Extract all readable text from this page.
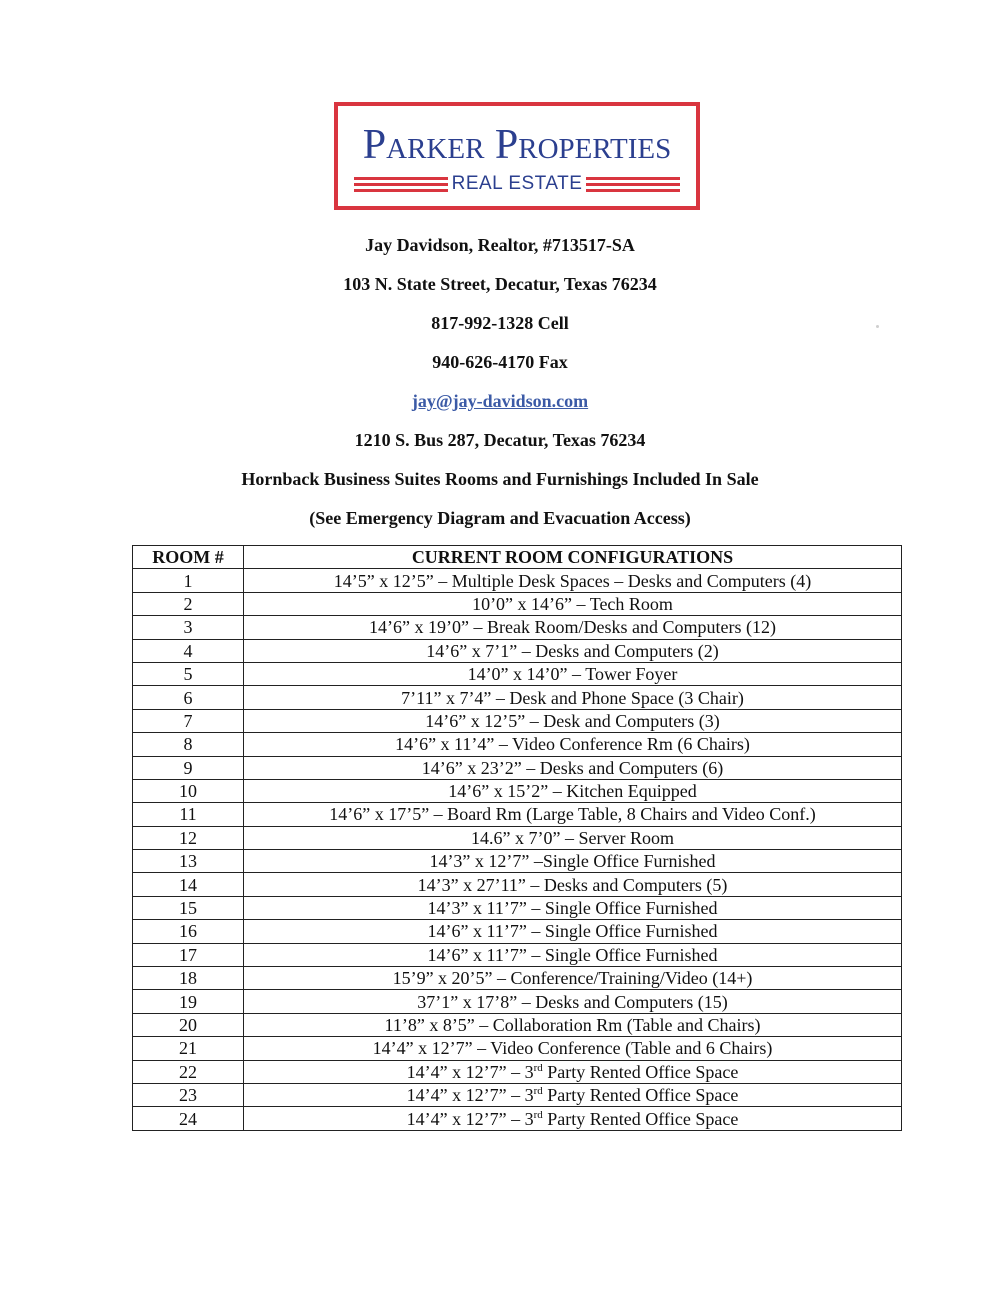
Parker Properties
REAL ESTATE
Jay Davidson, Realtor, #713517-SA
103 N. State Street, Decatur, Texas 76234
817-992-1328 Cell
940-626-4170 Fax
jay@jay-davidson.com
1210 S. Bus 287, Decatur, Texas 76234
Hornback Business Suites Rooms and Furnishings Included In Sale
(See Emergency Diagram and Evacuation Access)
ROOM #	CURRENT ROOM CONFIGURATIONS
1	14’5” x 12’5” – Multiple Desk Spaces – Desks and Computers (4)
2	10’0” x 14’6” – Tech Room
3	14’6” x 19’0” – Break Room/Desks and Computers (12)
4	14’6” x 7’1” – Desks and Computers (2)
5	14’0” x 14’0” – Tower Foyer
6	7’11” x 7’4” – Desk and Phone Space (3 Chair)
7	14’6” x 12’5” – Desk and Computers (3)
8	14’6” x 11’4” – Video Conference Rm (6 Chairs)
9	14’6” x 23’2” – Desks and Computers (6)
10	14’6” x 15’2” – Kitchen Equipped
11	14’6” x 17’5” – Board Rm (Large Table, 8 Chairs and Video Conf.)
12	14.6” x 7’0” – Server Room
13	14’3” x 12’7” –Single Office Furnished
14	14’3” x 27’11” – Desks and Computers (5)
15	14’3” x 11’7” – Single Office Furnished
16	14’6” x 11’7” – Single Office Furnished
17	14’6” x 11’7” – Single Office Furnished
18	15’9” x 20’5” – Conference/Training/Video (14+)
19	37’1” x 17’8” – Desks and Computers (15)
20	11’8” x 8’5” – Collaboration Rm (Table and Chairs)
21	14’4” x 12’7” – Video Conference (Table and 6 Chairs)
22	14’4” x 12’7” – 3rd Party Rented Office Space
23	14’4” x 12’7” – 3rd Party Rented Office Space
24	14’4” x 12’7” – 3rd Party Rented Office Space
